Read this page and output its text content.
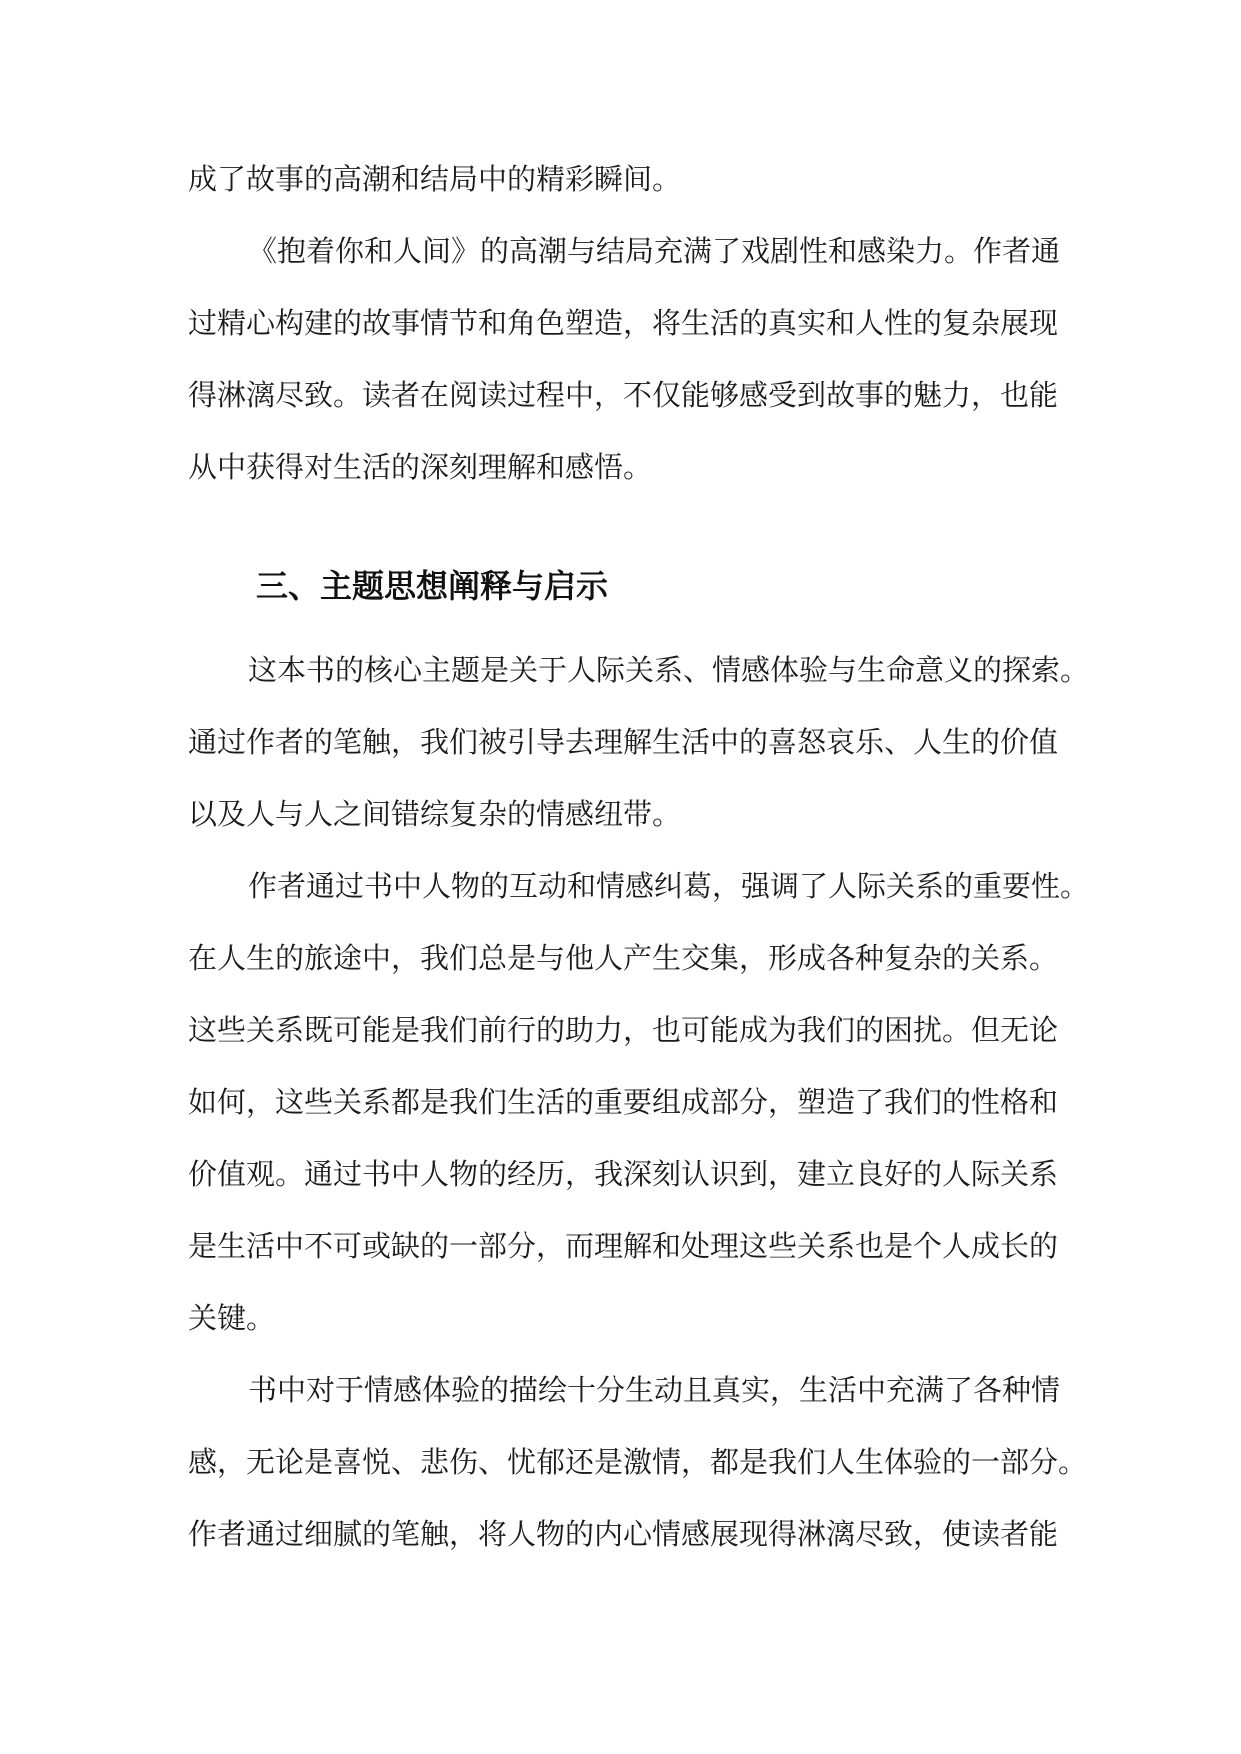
成了故事的高潮和结局中的精彩瞬间。
《抱着你和人间》的高潮与结局充满了戏剧性和感染力。作者通
过精心构建的故事情节和角色塑造，将生活的真实和人性的复杂展现
得淋漓尽致。读者在阅读过程中，不仅能够感受到故事的魅力，也能
从中获得对生活的深刻理解和感悟。
三、主题思想阐释与启示
这本书的核心主题是关于人际关系、情感体验与生命意义的探索。
通过作者的笔触，我们被引导去理解生活中的喜怒哀乐、人生的价值
以及人与人之间错综复杂的情感纽带。
作者通过书中人物的互动和情感纠葛，强调了人际关系的重要性。
在人生的旅途中，我们总是与他人产生交集，形成各种复杂的关系。
这些关系既可能是我们前行的助力，也可能成为我们的困扰。但无论
如何，这些关系都是我们生活的重要组成部分，塑造了我们的性格和
价值观。通过书中人物的经历，我深刻认识到，建立良好的人际关系
是生活中不可或缺的一部分，而理解和处理这些关系也是个人成长的
关键。
书中对于情感体验的描绘十分生动且真实，生活中充满了各种情
感，无论是喜悦、悲伤、忧郁还是激情，都是我们人生体验的一部分。
作者通过细腻的笔触，将人物的内心情感展现得淋漓尽致，使读者能
